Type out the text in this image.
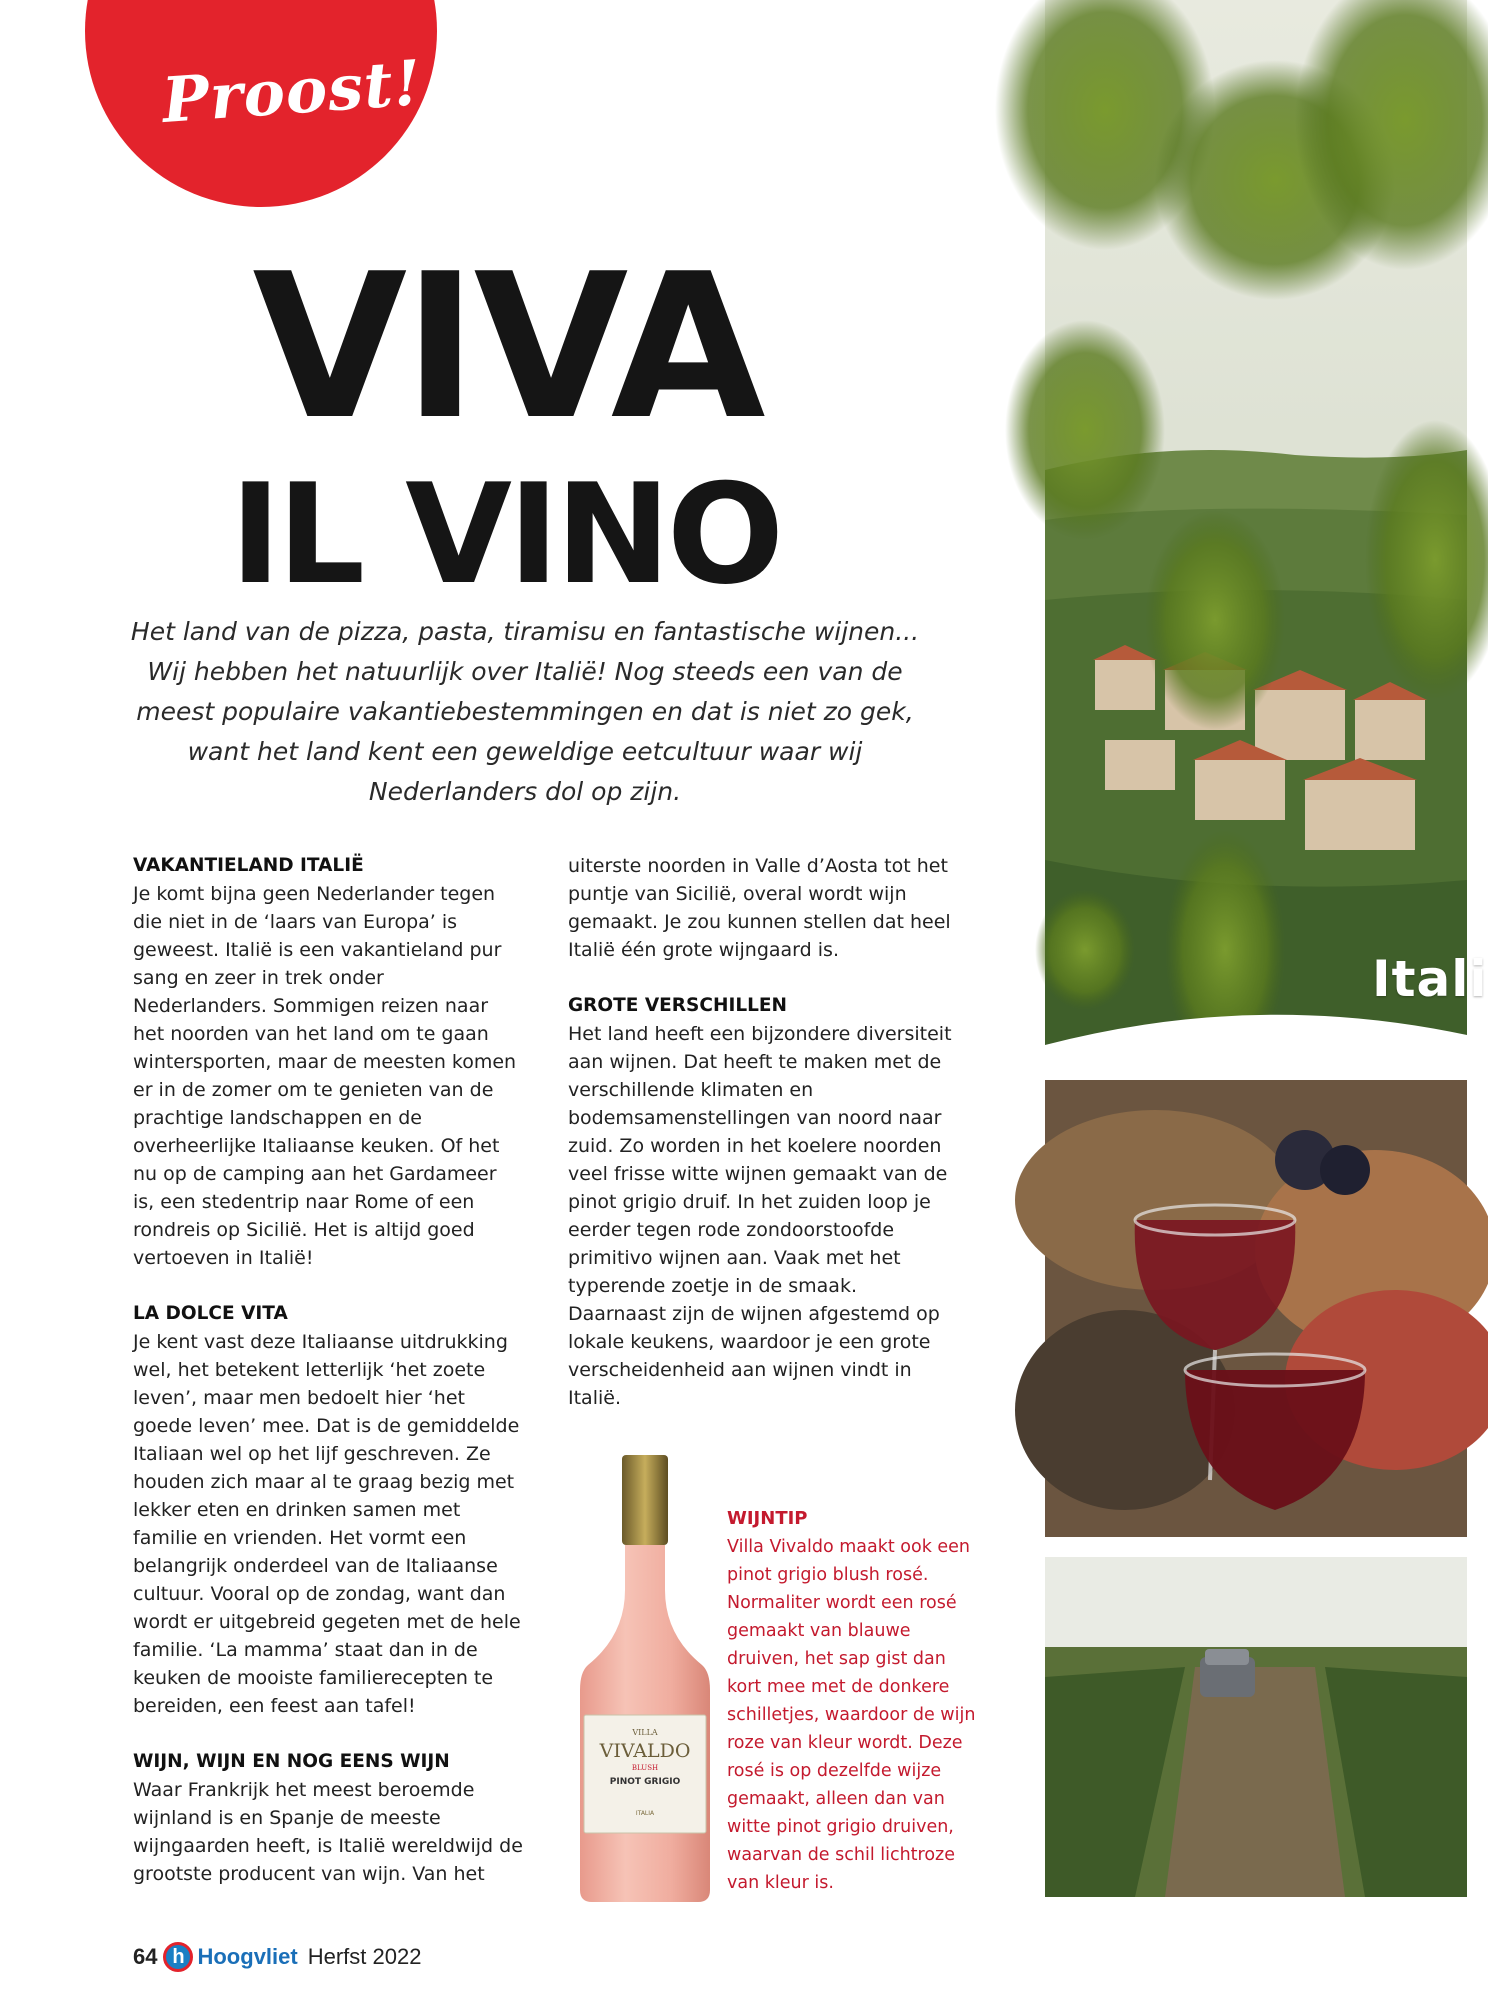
Proost!
VIVA
IL VINO
Het land van de pizza, pasta, tiramisu en fantastische wijnen... Wij hebben het natuurlijk over Italië! Nog steeds een van de meest populaire vakantiebestemmingen en dat is niet zo gek, want het land kent een geweldige eetcultuur waar wij Nederlanders dol op zijn.
VAKANTIELAND ITALIË

Je komt bijna geen Nederlander tegen die niet in de ‘laars van Europa’ is geweest. Italië is een vakantieland pur sang en zeer in trek onder Nederlanders. Sommigen reizen naar het noorden van het land om te gaan wintersporten, maar de meesten komen er in de zomer om te genieten van de prachtige landschappen en de overheerlijke Italiaanse keuken. Of het nu op de camping aan het Gardameer is, een stedentrip naar Rome of een rondreis op Sicilië. Het is altijd goed vertoeven in Italië!

LA DOLCE VITA

Je kent vast deze Italiaanse uitdrukking wel, het betekent letterlijk ‘het zoete leven’, maar men bedoelt hier ‘het goede leven’ mee. Dat is de gemiddelde Italiaan wel op het lijf geschreven. Ze houden zich maar al te graag bezig met lekker eten en drinken samen met familie en vrienden. Het vormt een belangrijk onderdeel van de Italiaanse cultuur. Vooral op de zondag, want dan wordt er uitgebreid gegeten met de hele familie. ‘La mamma’ staat dan in de keuken de mooiste familierecepten te bereiden, een feest aan tafel!

WIJN, WIJN EN NOG EENS WIJN

Waar Frankrijk het meest beroemde wijnland is en Spanje de meeste wijngaarden heeft, is Italië wereldwijd de grootste producent van wijn. Van het

uiterste noorden in Valle d’Aosta tot het puntje van Sicilië, overal wordt wijn gemaakt. Je zou kunnen stellen dat heel Italië één grote wijngaard is.

GROTE VERSCHILLEN

Het land heeft een bijzondere diversiteit aan wijnen. Dat heeft te maken met de verschillende klimaten en bodemsamenstellingen van noord naar zuid. Zo worden in het koelere noorden veel frisse witte wijnen gemaakt van de pinot grigio druif. In het zuiden loop je eerder tegen rode zondoorstoofde primitivo wijnen aan. Vaak met het typerende zoetje in de smaak. Daarnaast zijn de wijnen afgestemd op lokale keukens, waardoor je een grote verscheidenheid aan wijnen vindt in Italië.

VILLA
VIVALDO
BLUSH
PINOT GRIGIO
ITALIA
WIJNTIP

Villa Vivaldo maakt ook een pinot grigio blush rosé. Normaliter wordt een rosé gemaakt van blauwe druiven, het sap gist dan kort mee met de donkere schilletjes, waardoor de wijn roze van kleur wordt. Deze rosé is op dezelfde wijze gemaakt, alleen dan van witte pinot grigio druiven, waarvan de schil lichtroze van kleur is.

Itali
64 h Hoogvliet Herfst 2022
